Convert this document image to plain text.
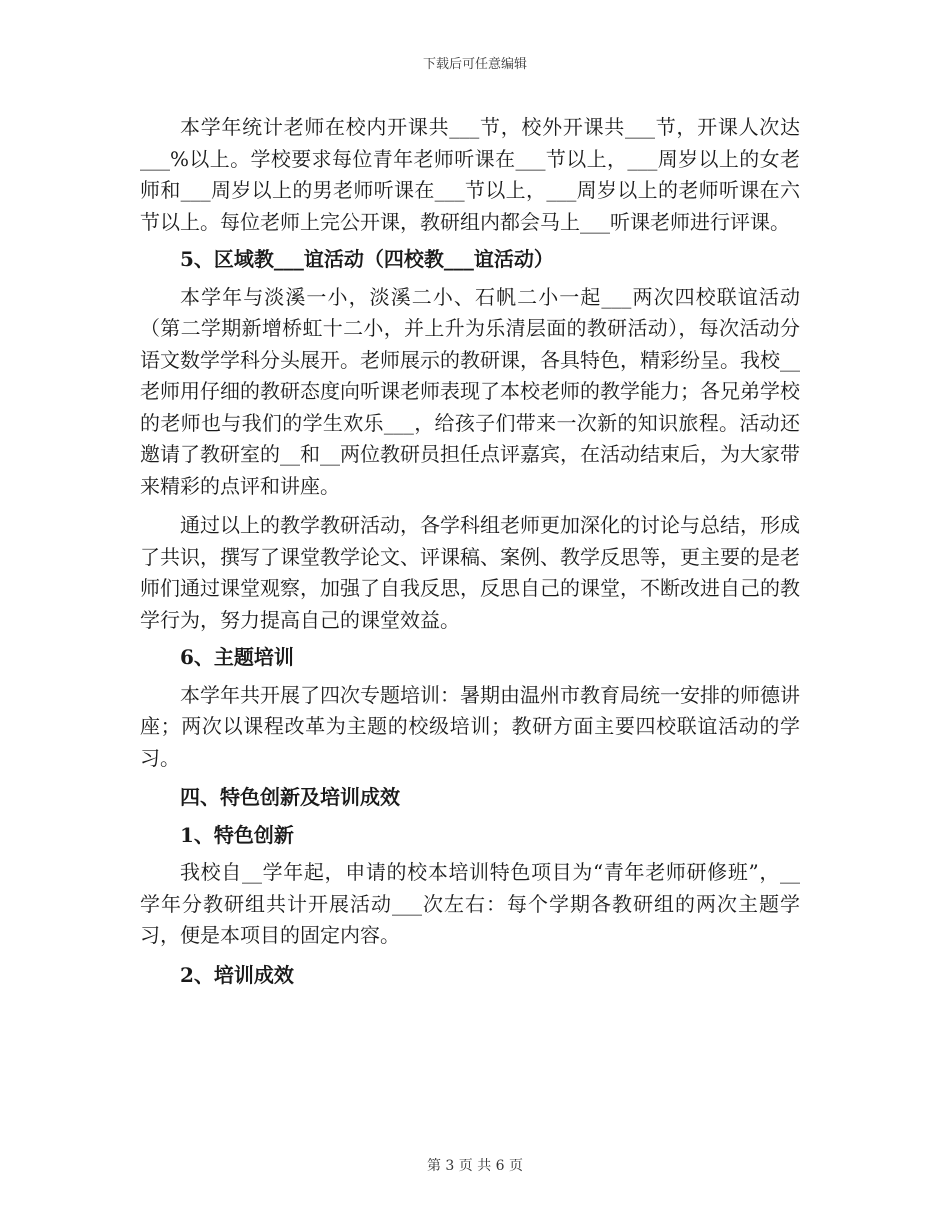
下载后可任意编辑

本学年统计老师在校内开课共___节，校外开课共___节，开课人次达___%以上。学校要求每位青年老师听课在___节以上，___周岁以上的女老师和___周岁以上的男老师听课在___节以上，___周岁以上的老师听课在六节以上。每位老师上完公开课，教研组内都会马上___听课老师进行评课。

5、区域教___谊活动（四校教___谊活动）

本学年与淡溪一小，淡溪二小、石帆二小一起___两次四校联谊活动（第二学期新增桥虹十二小，并上升为乐清层面的教研活动），每次活动分语文数学学科分头展开。老师展示的教研课，各具特色，精彩纷呈。我校__老师用仔细的教研态度向听课老师表现了本校老师的教学能力；各兄弟学校的老师也与我们的学生欢乐___，给孩子们带来一次新的知识旅程。活动还邀请了教研室的__和__两位教研员担任点评嘉宾，在活动结束后，为大家带来精彩的点评和讲座。

通过以上的教学教研活动，各学科组老师更加深化的讨论与总结，形成了共识，撰写了课堂教学论文、评课稿、案例、教学反思等，更主要的是老师们通过课堂观察，加强了自我反思，反思自己的课堂，不断改进自己的教学行为，努力提高自己的课堂效益。

6、主题培训

本学年共开展了四次专题培训：暑期由温州市教育局统一安排的师德讲座；两次以课程改革为主题的校级培训；教研方面主要四校联谊活动的学习。

四、特色创新及培训成效

1、特色创新

我校自__学年起，申请的校本培训特色项目为“青年老师研修班”，__学年分教研组共计开展活动___次左右：每个学期各教研组的两次主题学习，便是本项目的固定内容。

2、培训成效

第 3 页 共 6 页
